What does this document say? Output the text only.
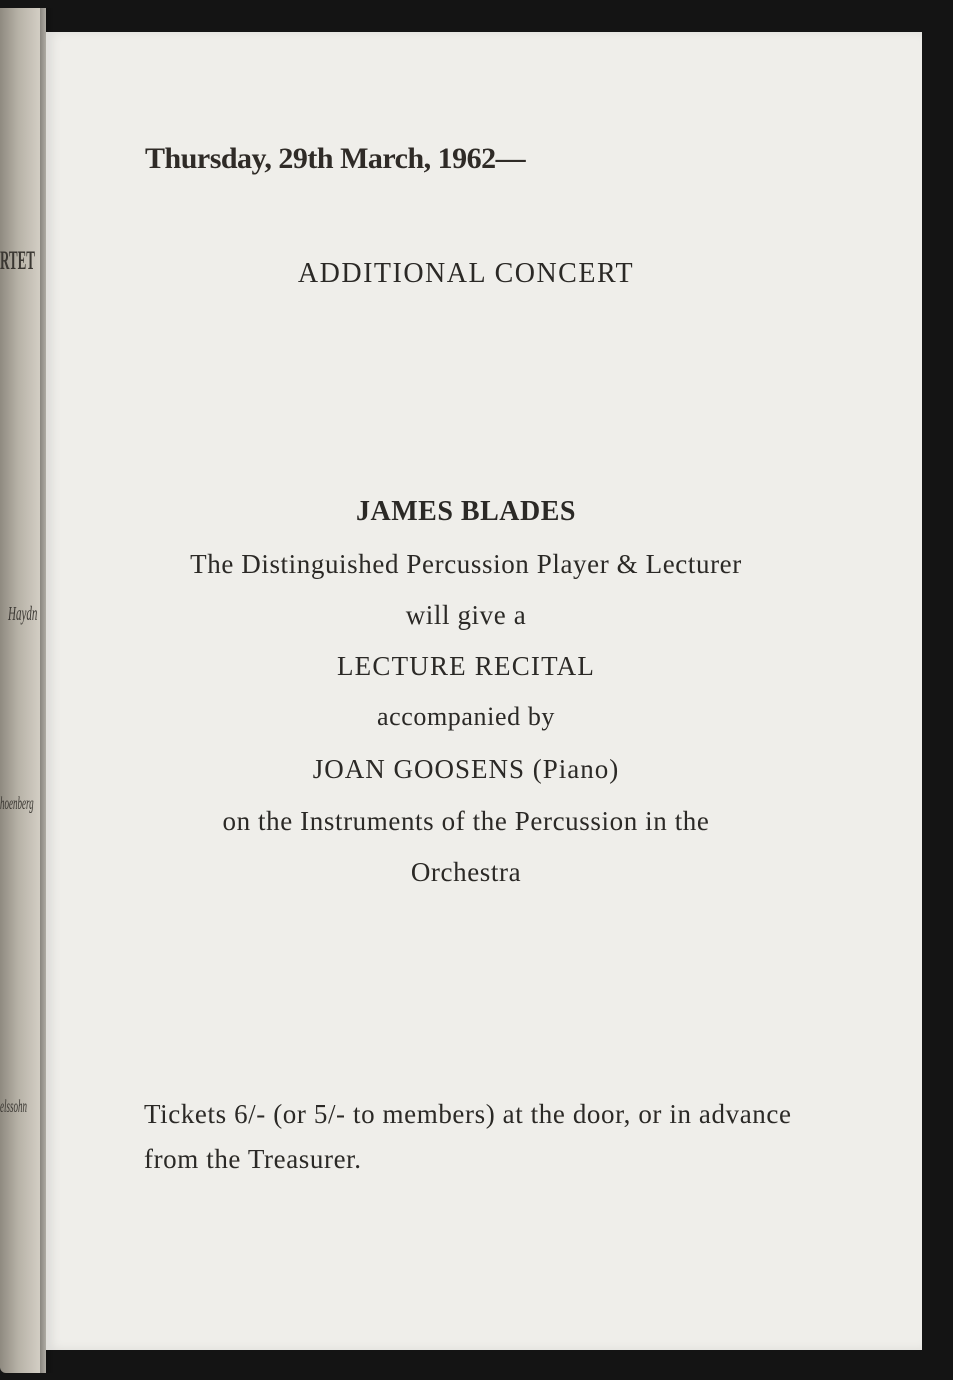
RTET
Haydn
hoenberg
elssohn
Thursday, 29th March, 1962—
ADDITIONAL CONCERT
JAMES BLADES
The Distinguished Percussion Player & Lecturer
will give a
LECTURE RECITAL
accompanied by
JOAN GOOSENS (Piano)
on the Instruments of the Percussion in the
Orchestra
Tickets 6/- (or 5/- to members) at the door, or in advance from the Treasurer.
